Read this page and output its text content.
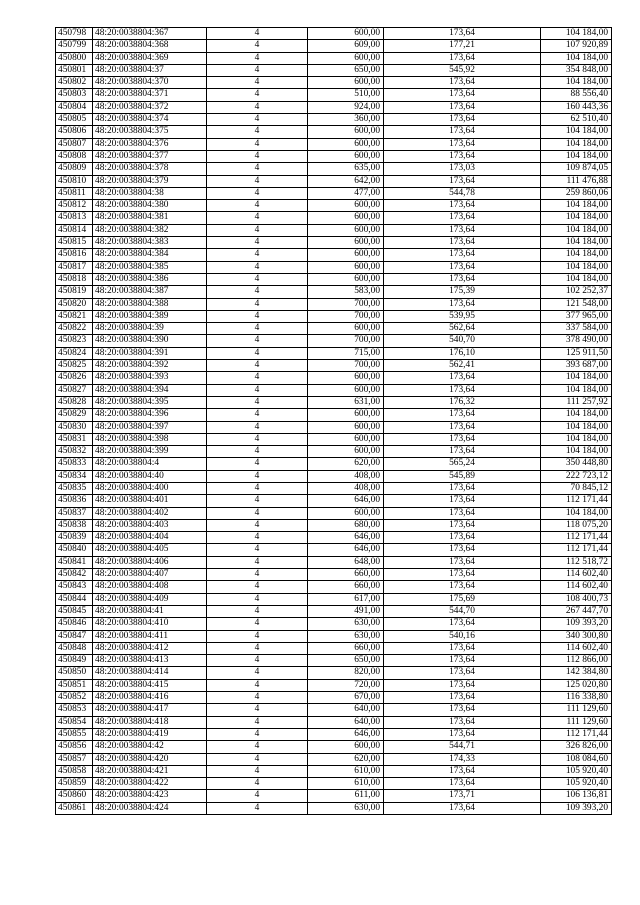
450798	48:20:0038804:367	4	600,00	173,64	104 184,00
450799	48:20:0038804:368	4	609,00	177,21	107 920,89
450800	48:20:0038804:369	4	600,00	173,64	104 184,00
450801	48:20:0038804:37	4	650,00	545,92	354 848,00
450802	48:20:0038804:370	4	600,00	173,64	104 184,00
450803	48:20:0038804:371	4	510,00	173,64	88 556,40
450804	48:20:0038804:372	4	924,00	173,64	160 443,36
450805	48:20:0038804:374	4	360,00	173,64	62 510,40
450806	48:20:0038804:375	4	600,00	173,64	104 184,00
450807	48:20:0038804:376	4	600,00	173,64	104 184,00
450808	48:20:0038804:377	4	600,00	173,64	104 184,00
450809	48:20:0038804:378	4	635,00	173,03	109 874,05
450810	48:20:0038804:379	4	642,00	173,64	111 476,88
450811	48:20:0038804:38	4	477,00	544,78	259 860,06
450812	48:20:0038804:380	4	600,00	173,64	104 184,00
450813	48:20:0038804:381	4	600,00	173,64	104 184,00
450814	48:20:0038804:382	4	600,00	173,64	104 184,00
450815	48:20:0038804:383	4	600,00	173,64	104 184,00
450816	48:20:0038804:384	4	600,00	173,64	104 184,00
450817	48:20:0038804:385	4	600,00	173,64	104 184,00
450818	48:20:0038804:386	4	600,00	173,64	104 184,00
450819	48:20:0038804:387	4	583,00	175,39	102 252,37
450820	48:20:0038804:388	4	700,00	173,64	121 548,00
450821	48:20:0038804:389	4	700,00	539,95	377 965,00
450822	48:20:0038804:39	4	600,00	562,64	337 584,00
450823	48:20:0038804:390	4	700,00	540,70	378 490,00
450824	48:20:0038804:391	4	715,00	176,10	125 911,50
450825	48:20:0038804:392	4	700,00	562,41	393 687,00
450826	48:20:0038804:393	4	600,00	173,64	104 184,00
450827	48:20:0038804:394	4	600,00	173,64	104 184,00
450828	48:20:0038804:395	4	631,00	176,32	111 257,92
450829	48:20:0038804:396	4	600,00	173,64	104 184,00
450830	48:20:0038804:397	4	600,00	173,64	104 184,00
450831	48:20:0038804:398	4	600,00	173,64	104 184,00
450832	48:20:0038804:399	4	600,00	173,64	104 184,00
450833	48:20:0038804:4	4	620,00	565,24	350 448,80
450834	48:20:0038804:40	4	408,00	545,89	222 723,12
450835	48:20:0038804:400	4	408,00	173,64	70 845,12
450836	48:20:0038804:401	4	646,00	173,64	112 171,44
450837	48:20:0038804:402	4	600,00	173,64	104 184,00
450838	48:20:0038804:403	4	680,00	173,64	118 075,20
450839	48:20:0038804:404	4	646,00	173,64	112 171,44
450840	48:20:0038804:405	4	646,00	173,64	112 171,44
450841	48:20:0038804:406	4	648,00	173,64	112 518,72
450842	48:20:0038804:407	4	660,00	173,64	114 602,40
450843	48:20:0038804:408	4	660,00	173,64	114 602,40
450844	48:20:0038804:409	4	617,00	175,69	108 400,73
450845	48:20:0038804:41	4	491,00	544,70	267 447,70
450846	48:20:0038804:410	4	630,00	173,64	109 393,20
450847	48:20:0038804:411	4	630,00	540,16	340 300,80
450848	48:20:0038804:412	4	660,00	173,64	114 602,40
450849	48:20:0038804:413	4	650,00	173,64	112 866,00
450850	48:20:0038804:414	4	820,00	173,64	142 384,80
450851	48:20:0038804:415	4	720,00	173,64	125 020,80
450852	48:20:0038804:416	4	670,00	173,64	116 338,80
450853	48:20:0038804:417	4	640,00	173,64	111 129,60
450854	48:20:0038804:418	4	640,00	173,64	111 129,60
450855	48:20:0038804:419	4	646,00	173,64	112 171,44
450856	48:20:0038804:42	4	600,00	544,71	326 826,00
450857	48:20:0038804:420	4	620,00	174,33	108 084,60
450858	48:20:0038804:421	4	610,00	173,64	105 920,40
450859	48:20:0038804:422	4	610,00	173,64	105 920,40
450860	48:20:0038804:423	4	611,00	173,71	106 136,81
450861	48:20:0038804:424	4	630,00	173,64	109 393,20
